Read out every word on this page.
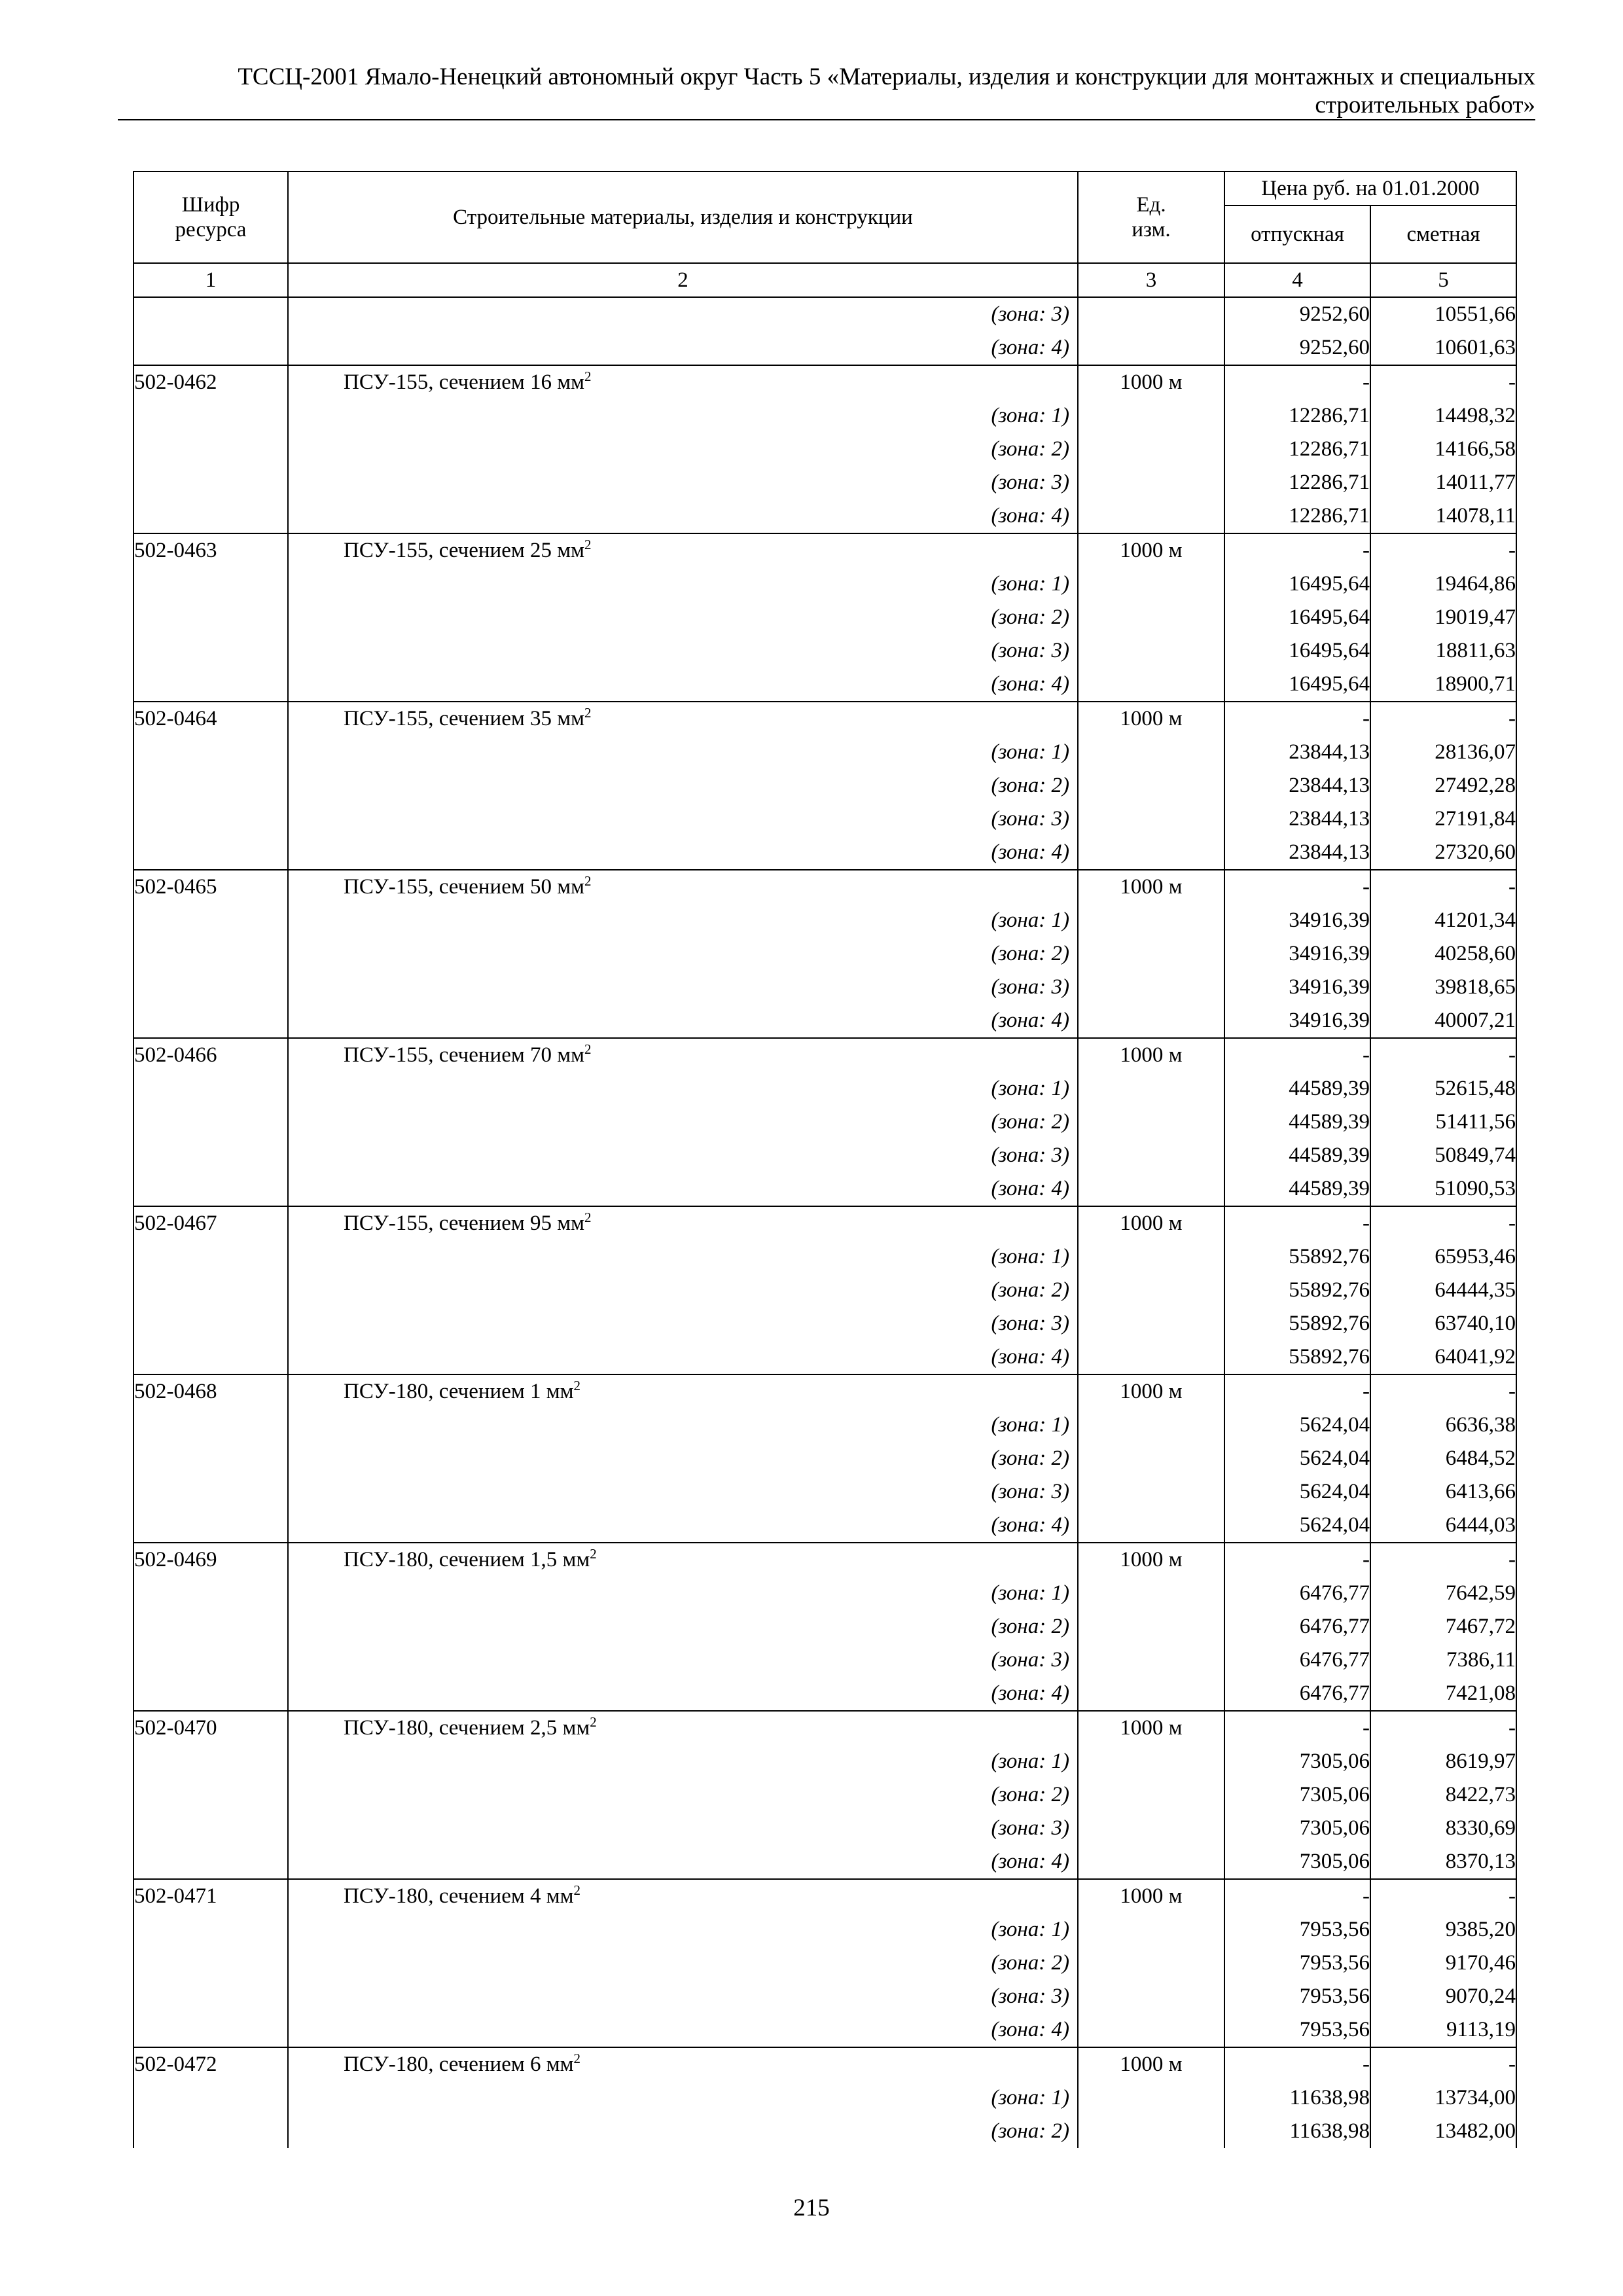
ТССЦ-2001 Ямало-Ненецкий автономный округ Часть 5 «Материалы, изделия и конструкции для монтажных и специальных
строительных работ»
Шифр ресурса	Строительные материалы, изделия и конструкции	Ед. изм.	Цена руб. на 01.01.2000	
			отпускная	сметная
1	2	3	4	5

	(зона: 3)		9252,60	10551,66

	(зона: 4)		9252,60	10601,63
502-0462	ПСУ-155, сечением 16 $мм^2$	1000 м	-	-

	(зона: 1)		12286,71	14498,32

	(зона: 2)		12286,71	14166,58

	(зона: 3)		12286,71	14011,77

	(зона: 4)		12286,71	14078,11
502-0463	ПСУ-155, сечением 25 $мм^2$	1000 м	-	-

	(зона: 1)		16495,64	19464,86

	(зона: 2)		16495,64	19019,47

	(зона: 3)		16495,64	18811,63

	(зона: 4)		16495,64	18900,71
502-0464	ПСУ-155, сечением 35 $мм^2$	1000 м	-	-

	(зона: 1)		23844,13	28136,07

	(зона: 2)		23844,13	27492,28

	(зона: 3)		23844,13	27191,84

	(зона: 4)		23844,13	27320,60
502-0465	ПСУ-155, сечением 50 $мм^2$	1000 м	-	-

	(зона: 1)		34916,39	41201,34

	(зона: 2)		34916,39	40258,60

	(зона: 3)		34916,39	39818,65

	(зона: 4)		34916,39	40007,21
502-0466	ПСУ-155, сечением 70 $мм^2$	1000 м	-	-

	(зона: 1)		44589,39	52615,48

	(зона: 2)		44589,39	51411,56

	(зона: 3)		44589,39	50849,74

	(зона: 4)		44589,39	51090,53
502-0467	ПСУ-155, сечением 95 $мм^2$	1000 м	-	-

	(зона: 1)		55892,76	65953,46

	(зона: 2)		55892,76	64444,35

	(зона: 3)		55892,76	63740,10

	(зона: 4)		55892,76	64041,92
502-0468	ПСУ-180, сечением 1 $мм^2$	1000 м	-	-

	(зона: 1)		5624,04	6636,38

	(зона: 2)		5624,04	6484,52

	(зона: 3)		5624,04	6413,66

	(зона: 4)		5624,04	6444,03
502-0469	ПСУ-180, сечением 1,5 $мм^2$	1000 м	-	-

	(зона: 1)		6476,77	7642,59

	(зона: 2)		6476,77	7467,72

	(зона: 3)		6476,77	7386,11

	(зона: 4)		6476,77	7421,08
502-0470	ПСУ-180, сечением 2,5 $мм^2$	1000 м	-	-

	(зона: 1)		7305,06	8619,97

	(зона: 2)		7305,06	8422,73

	(зона: 3)		7305,06	8330,69

	(зона: 4)		7305,06	8370,13
502-0471	ПСУ-180, сечением 4 $мм^2$	1000 м	-	-

	(зона: 1)		7953,56	9385,20

	(зона: 2)		7953,56	9170,46

	(зона: 3)		7953,56	9070,24

	(зона: 4)		7953,56	9113,19
502-0472	ПСУ-180, сечением 6 $мм^2$	1000 м	-	-

	(зона: 1)		11638,98	13734,00

	(зона: 2)		11638,98	13482,00
215
